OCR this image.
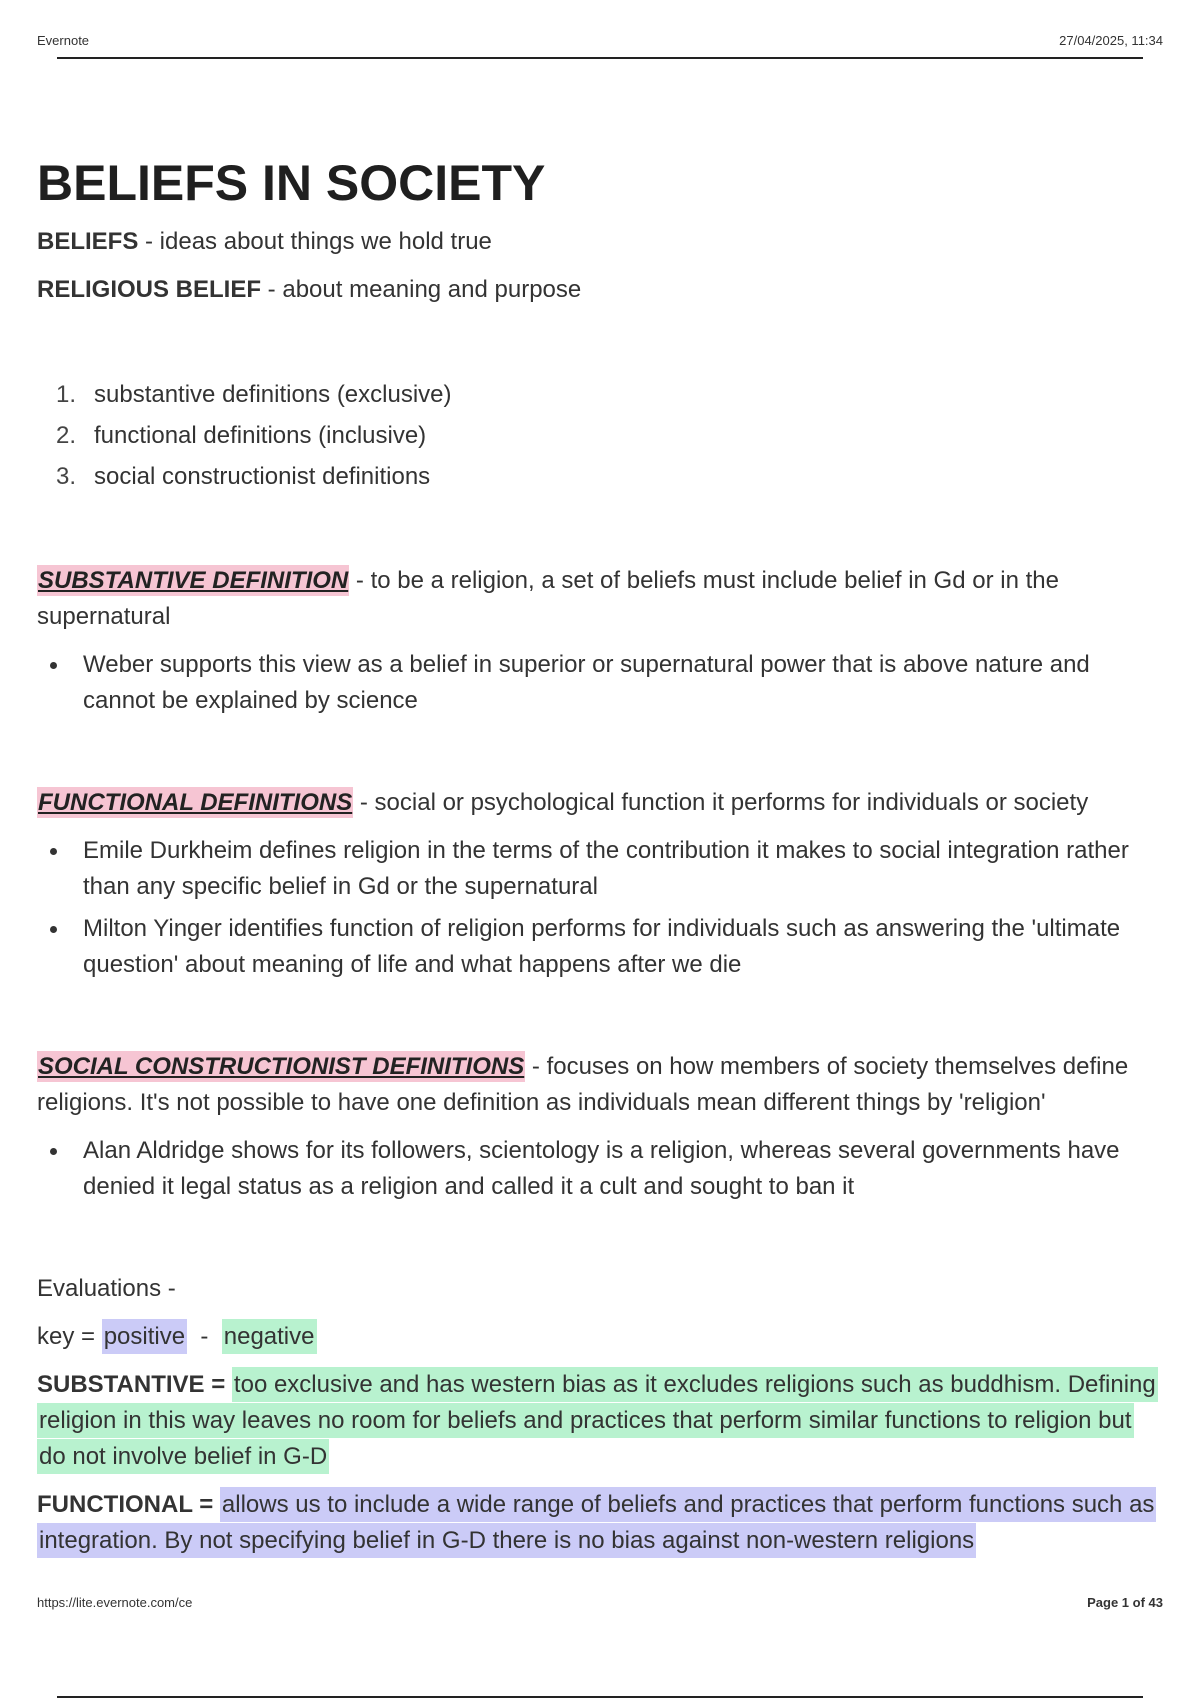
Evernote	27/04/2025, 11:34
BELIEFS IN SOCIETY

BELIEFS - ideas about things we hold true

RELIGIOUS BELIEF - about meaning and purpose

1. substantive definitions (exclusive)
2. functional definitions (inclusive)
3. social constructionist definitions

SUBSTANTIVE DEFINITION - to be a religion, a set of beliefs must include belief in Gd or in the supernatural

Weber supports this view as a belief in superior or supernatural power that is above nature and cannot be explained by science

FUNCTIONAL DEFINITIONS - social or psychological function it performs for individuals or society

Emile Durkheim defines religion in the terms of the contribution it makes to social integration rather than any specific belief in Gd or the supernatural
Milton Yinger identifies function of religion performs for individuals such as answering the 'ultimate question' about meaning of life and what happens after we die

SOCIAL CONSTRUCTIONIST DEFINITIONS - focuses on how members of society themselves define religions. It's not possible to have one definition as individuals mean different things by 'religion'

Alan Aldridge shows for its followers, scientology is a religion, whereas several governments have denied it legal status as a religion and called it a cult and sought to ban it

Evaluations -

key = positive  -  negative

SUBSTANTIVE = too exclusive and has western bias as it excludes religions such as buddhism. Defining religion in this way leaves no room for beliefs and practices that perform similar functions to religion but do not involve belief in G-D

FUNCTIONAL = allows us to include a wide range of beliefs and practices that perform functions such as integration. By not specifying belief in G-D there is no bias against non-western religions

https://lite.evernote.com/ce	Page 1 of 43
